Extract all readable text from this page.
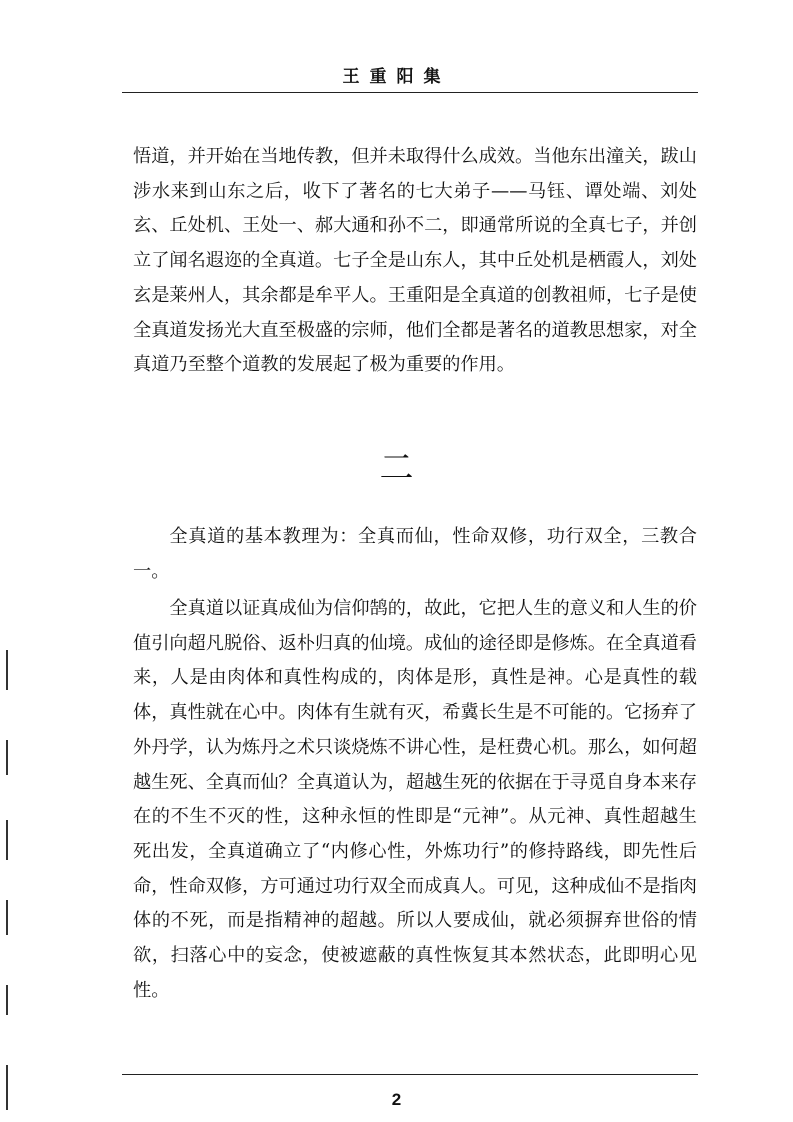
王重阳集

悟道，并开始在当地传教，但并未取得什么成效。当他东出潼关，跋山涉水来到山东之后，收下了著名的七大弟子——马钰、谭处端、刘处玄、丘处机、王处一、郝大通和孙不二，即通常所说的全真七子，并创立了闻名遐迩的全真道。七子全是山东人，其中丘处机是栖霞人，刘处玄是莱州人，其余都是牟平人。王重阳是全真道的创教祖师，七子是使全真道发扬光大直至极盛的宗师，他们全都是著名的道教思想家，对全真道乃至整个道教的发展起了极为重要的作用。

二

全真道的基本教理为：全真而仙，性命双修，功行双全，三教合一。

全真道以证真成仙为信仰鹄的，故此，它把人生的意义和人生的价值引向超凡脱俗、返朴归真的仙境。成仙的途径即是修炼。在全真道看来，人是由肉体和真性构成的，肉体是形，真性是神。心是真性的载体，真性就在心中。肉体有生就有灭，希冀长生是不可能的。它扬弃了外丹学，认为炼丹之术只谈烧炼不讲心性，是枉费心机。那么，如何超越生死、全真而仙？全真道认为，超越生死的依据在于寻觅自身本来存在的不生不灭的性，这种永恒的性即是“元神”。从元神、真性超越生死出发，全真道确立了“内修心性，外炼功行”的修持路线，即先性后命，性命双修，方可通过功行双全而成真人。可见，这种成仙不是指肉体的不死，而是指精神的超越。所以人要成仙，就必须摒弃世俗的情欲，扫落心中的妄念，使被遮蔽的真性恢复其本然状态，此即明心见性。

2
